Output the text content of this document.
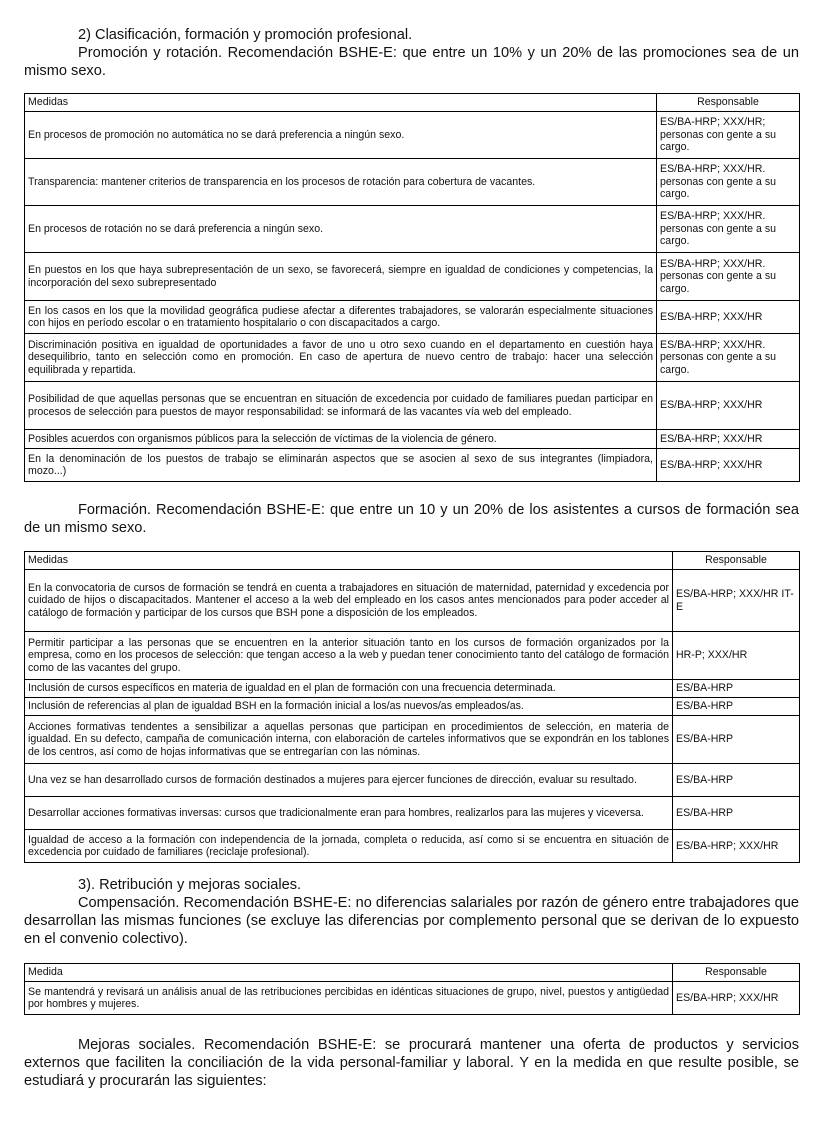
2) Clasificación, formación y promoción profesional.

Promoción y rotación. Recomendación BSHE-E: que entre un 10% y un 20% de las promociones sea de un mismo sexo.

Medidas	Responsable
En procesos de promoción no automática no se dará preferencia a ningún sexo.	ES/BA-HRP; XXX/HR; personas con gente a su cargo.
Transparencia: mantener criterios de transparencia en los procesos de rotación para cobertura de vacantes.	ES/BA-HRP; XXX/HR. personas con gente a su cargo.
En procesos de rotación no se dará preferencia a ningún sexo.	ES/BA-HRP; XXX/HR. personas con gente a su cargo.
En puestos en los que haya subrepresentación de un sexo, se favorecerá, siempre en igualdad de condiciones y competencias, la incorporación del sexo subrepresentado	ES/BA-HRP; XXX/HR. personas con gente a su cargo.
En los casos en los que la movilidad geográfica pudiese afectar a diferentes trabajadores, se valorarán especialmente situaciones con hijos en período escolar o en tratamiento hospitalario o con discapacitados a cargo.	ES/BA-HRP; XXX/HR
Discriminación positiva en igualdad de oportunidades a favor de uno u otro sexo cuando en el departamento en cuestión haya desequilibrio, tanto en selección como en promoción. En caso de apertura de nuevo centro de trabajo: hacer una selección equilibrada y repartida.	ES/BA-HRP; XXX/HR. personas con gente a su cargo.
Posibilidad de que aquellas personas que se encuentran en situación de excedencia por cuidado de familiares puedan participar en procesos de selección para puestos de mayor responsabilidad: se informará de las vacantes vía web del empleado.	ES/BA-HRP; XXX/HR
Posibles acuerdos con organismos públicos para la selección de víctimas de la violencia de género.	ES/BA-HRP; XXX/HR
En la denominación de los puestos de trabajo se eliminarán aspectos que se asocien al sexo de sus integrantes (limpiadora, mozo...)	ES/BA-HRP; XXX/HR

Formación. Recomendación BSHE-E: que entre un 10 y un 20% de los asistentes a cursos de formación sea de un mismo sexo.

Medidas	Responsable
En la convocatoria de cursos de formación se tendrá en cuenta a trabajadores en situación de maternidad, paternidad y excedencia por cuidado de hijos o discapacitados. Mantener el acceso a la web del empleado en los casos antes mencionados para poder acceder al catálogo de formación y participar de los cursos que BSH pone a disposición de los empleados.	ES/BA-HRP; XXX/HR IT-E
Permitir participar a las personas que se encuentren en la anterior situación tanto en los cursos de formación organizados por la empresa, como en los procesos de selección: que tengan acceso a la web y puedan tener conocimiento tanto del catálogo de formación como de las vacantes del grupo.	HR-P; XXX/HR
Inclusión de cursos específicos en materia de igualdad en el plan de formación con una frecuencia determinada.	ES/BA-HRP
Inclusión de referencias al plan de igualdad BSH en la formación inicial a los/as nuevos/as empleados/as.	ES/BA-HRP
Acciones formativas tendentes a sensibilizar a aquellas personas que participan en procedimientos de selección, en materia de igualdad. En su defecto, campaña de comunicación interna, con elaboración de carteles informativos que se expondrán en los tablones de los centros, así como de hojas informativas que se entregarían con las nóminas.	ES/BA-HRP
Una vez se han desarrollado cursos de formación destinados a mujeres para ejercer funciones de dirección, evaluar su resultado.	ES/BA-HRP
Desarrollar acciones formativas inversas: cursos que tradicionalmente eran para hombres, realizarlos para las mujeres y viceversa.	ES/BA-HRP
Igualdad de acceso a la formación con independencia de la jornada, completa o reducida, así como si se encuentra en situación de excedencia por cuidado de familiares (reciclaje profesional).	ES/BA-HRP; XXX/HR

3). Retribución y mejoras sociales.

Compensación. Recomendación BSHE-E: no diferencias salariales por razón de género entre trabajadores que desarrollan las mismas funciones (se excluye las diferencias por complemento personal que se derivan de lo expuesto en el convenio colectivo).

Medida	Responsable
Se mantendrá y revisará un análisis anual de las retribuciones percibidas en idénticas situaciones de grupo, nivel, puestos y antigüedad por hombres y mujeres.	ES/BA-HRP; XXX/HR

Mejoras sociales. Recomendación BSHE-E: se procurará mantener una oferta de productos y servicios externos que faciliten la conciliación de la vida personal-familiar y laboral. Y en la medida en que resulte posible, se estudiará y procurarán las siguientes:
